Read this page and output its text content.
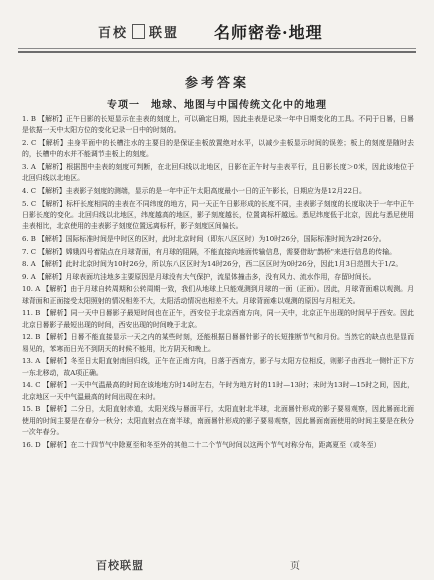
百校 联盟 名师密卷·地理
参考答案
专项一　地球、地图与中国传统文化中的地理

1. B 【解析】正午日影的长短显示在圭表的刻度上，可以确定日期，因此圭表是记录一年中日期变化的工具。不同于日晷，日晷是依据一天中太阳方位的变化记录一日中的时刻的。

2. C 【解析】圭身平面中的长槽注水的主要目的是保证圭板放置绝对水平，以减少圭板显示时间的误差；板上的刻度是随时去的，长槽中的水并不能调节圭板上的刻度。

3. A 【解析】根据图中圭表的刻度可判断，在北回归线以北地区，日影在正午时与圭表平行，且日影长度＞0米，因此该地位于北回归线以北地区。

4. C 【解析】圭表影子刻度的测端，显示的是一年中正午太阳高度最小一日的正午影长，日期应为是12月22日。

5. C 【解析】标杆长度相同的圭表在不同纬度的地方，同一天正午日影形成的长度不同，圭表影子刻度的长度取决于一年中正午日影长度的变化。北回归线以北地区，纬度越高的地区，影子刻度越长，位置离标杆越远。悉尼纬度低于北京，因此与悉尼使用圭表相比，北京使用的圭表影子刻度位置远离标杆，影子刻度区间偏长。

6. B 【解析】国际标准时间是中时区的区时，此时北京时间（即东八区区时）为10时26分，国际标准时间为2时26分。

7. C 【解析】嫦娥四号着陆点在月球背面，有月球的阻隔，不能直接向地面传输信息，需要借助"鹊桥"来进行信息的传输。

8. A 【解析】此时北京时间为10时26分，所以东八区区时为14时26分，西二区区时为0时26分，因此1月3日范围大于1/2。

9. A 【解析】月球表面坑洼地多主要原因是月球没有大气保护，流星体撞击多，没有风力、流水作用，存留时间长。

10. A 【解析】由于月球自转周期和公转周期一致，我们从地球上只能观测到月球的一面（正面）。因此，月球背面难以观测。月球背面和正面接受太阳照射的情况相差不大，太阳活动情况也相差不大。月球背面难以观测的原因与月相无关。

11. B 【解析】同一天中日晷影子最短时间也在正午，西安位于北京西南方向，同一天中，北京正午出现的时间早于西安。因此北京日晷影子最短出现的时间，西安出现的时间晚于北京。

12. B 【解析】日晷不能直接显示一天之内的某些时刻，还能根据日晷晷针影子的长短推断节气和月份。当然它的缺点也是显而易见的，苯寒而日光不到阴天的时候不能用，比方阴天和晚上。

13. A 【解析】冬至日太阳直射南回归线，正午在正南方向，日落于西南方，影子与太阳方位相反，则影子由西北一侧针正下方一东北移动，故A项正确。

14. C 【解析】一天中气温最高的时间在该地地方时14时左右，午时为地方时的11时—13时；未时为13时—15时之间，因此，北京地区一天中气温最高的时间出现在未时。

15. B 【解析】二分日，太阳直射赤道，太阳光线与晷面平行，太阳直射北半球，北面晷针形成的影子要易观察，因此晷面北面使用的时间主要是在春分一秋分；太阳直射点在南半球，南面晷针形成的影子要易观察，因此晷面南面使用的时间主要是在秋分一次年春分。

16. D 【解析】在二十四节气中除夏至和冬至外的其他二十二个节气时间以这两个节气对称分布，距离夏至（或冬至）

百校联盟	页
